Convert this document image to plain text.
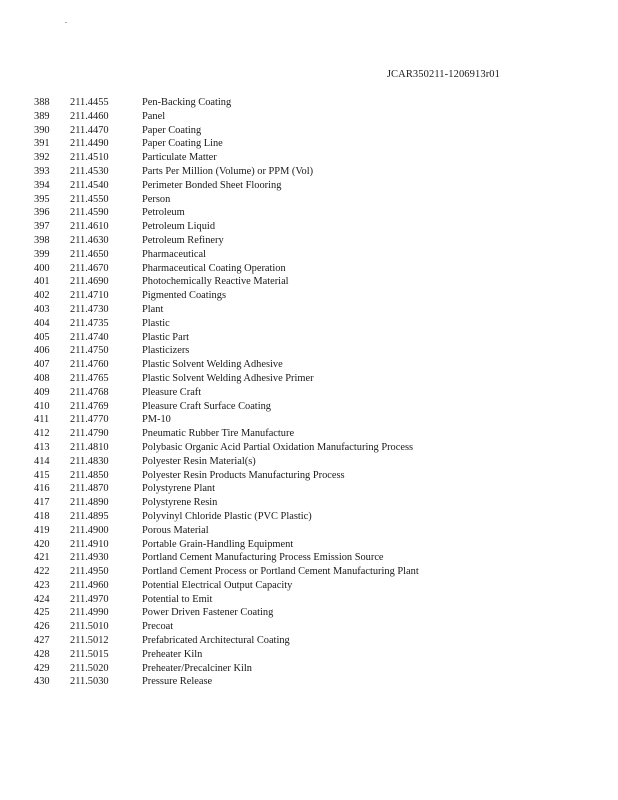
.
JCAR350211-1206913r01
388 211.4455	Pen-Backing Coating
389 211.4460	Panel
390 211.4470	Paper Coating
391 211.4490	Paper Coating Line
392 211.4510	Particulate Matter
393 211.4530	Parts Per Million (Volume) or PPM (Vol)
394 211.4540	Perimeter Bonded Sheet Flooring
395 211.4550	Person
396 211.4590	Petroleum
397 211.4610	Petroleum Liquid
398 211.4630	Petroleum Refinery
399 211.4650	Pharmaceutical
400 211.4670	Pharmaceutical Coating Operation
401 211.4690	Photochemically Reactive Material
402 211.4710	Pigmented Coatings
403 211.4730	Plant
404 211.4735	Plastic
405 211.4740	Plastic Part
406 211.4750	Plasticizers
407 211.4760	Plastic Solvent Welding Adhesive
408 211.4765	Plastic Solvent Welding Adhesive Primer
409 211.4768	Pleasure Craft
410 211.4769	Pleasure Craft Surface Coating
411 211.4770	PM-10
412 211.4790	Pneumatic Rubber Tire Manufacture
413 211.4810	Polybasic Organic Acid Partial Oxidation Manufacturing Process
414 211.4830	Polyester Resin Material(s)
415 211.4850	Polyester Resin Products Manufacturing Process
416 211.4870	Polystyrene Plant
417 211.4890	Polystyrene Resin
418 211.4895	Polyvinyl Chloride Plastic (PVC Plastic)
419 211.4900	Porous Material
420 211.4910	Portable Grain-Handling Equipment
421 211.4930	Portland Cement Manufacturing Process Emission Source
422 211.4950	Portland Cement Process or Portland Cement Manufacturing Plant
423 211.4960	Potential Electrical Output Capacity
424 211.4970	Potential to Emit
425 211.4990	Power Driven Fastener Coating
426 211.5010	Precoat
427 211.5012	Prefabricated Architectural Coating
428 211.5015	Preheater Kiln
429 211.5020	Preheater/Precalciner Kiln
430 211.5030	Pressure Release
